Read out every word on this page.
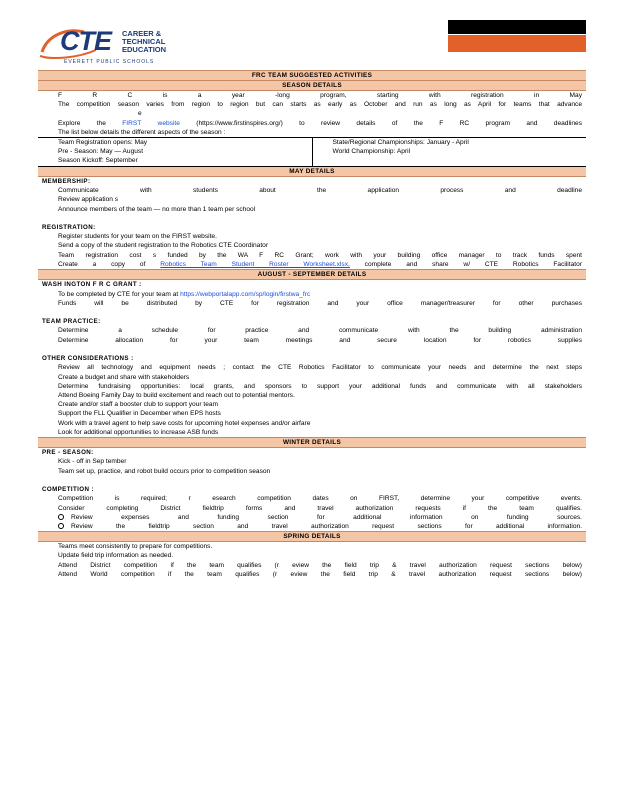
CTE CAREER &
TECHNICAL
EDUCATION
EVERETT PUBLIC SCHOOLS
FRC TEAM SUGGESTED ACTIVITIES
SEASON DETAILS
F R C is a year -long program, starting with registration in May
The competition season varies from region to region but can starts as early as October and run as long as April for teams that advance
e
Explore the FIRST website (https://www.firstinspires.org/) to review details of the F RC program and deadlines
The list below details the different aspects of the season :
Team Registration opens: May
Pre - Season: May — August
Season Kickoff: September
State/Regional Championships: January - April
World Championship: April
MAY DETAILS
MEMBERSHIP:
Communicate with students about the application process and deadline
Review application s
Announce members of the team — no more than 1 team per school
REGISTRATION:
Register students for your team on the FIRST website.
Send a copy of the student registration to the Robotics CTE Coordinator
Team registration cost s funded by the WA F RC Grant; work with your building office manager to track funds spent
Create a copy of Robotics Team Student Roster Worksheet.xlsx, complete and share w/ CTE Robotics Facilitator
AUGUST - SEPTEMBER DETAILS
WASH INGTON F R C GRANT :
To be completed by CTE for your team at https://webportalapp.com/sp/login/firstwa_frc
Funds will be distributed by CTE for registration and your office manager/treasurer for other purchases
TEAM PRACTICE:
Determine a schedule for practice and communicate with the building administration
Determine allocation for your team meetings and secure location for robotics supplies
OTHER CONSIDERATIONS :
Review all technology and equipment needs ; contact the CTE Robotics Facilitator to communicate your needs and determine the next steps
Create a budget and share with stakeholders
Determine fundraising opportunities: local grants, and sponsors to support your additional funds and communicate with all stakeholders
Attend Boeing Family Day to build excitement and reach out to potential mentors.
Create and/or staff a booster club to support your team
Support the FLL Qualifier in December when EPS hosts
Work with a travel agent to help save costs for upcoming hotel expenses and/or airfare
Look for additional opportunities to increase ASB funds
WINTER DETAILS
PRE - SEASON:
Kick - off in Sep tember
Team set up, practice, and robot build occurs prior to competition season
COMPETITION :
Competition is required; r esearch competition dates on FIRST, determine your competitive events.
Consider completing District fieldtrip forms and travel authorization requests if the team qualifies.
Review expenses and funding section for additional information on funding sources.
Review the fieldtrip section and travel authorization request sections for additional information.
SPRING DETAILS
Teams meet consistently to prepare for competitions.
Update field trip information as needed.
Attend District competition if the team qualifies (r eview the field trip & travel authorization request sections below)
Attend World competition if the team qualifies (r eview the field trip & travel authorization request sections below)
